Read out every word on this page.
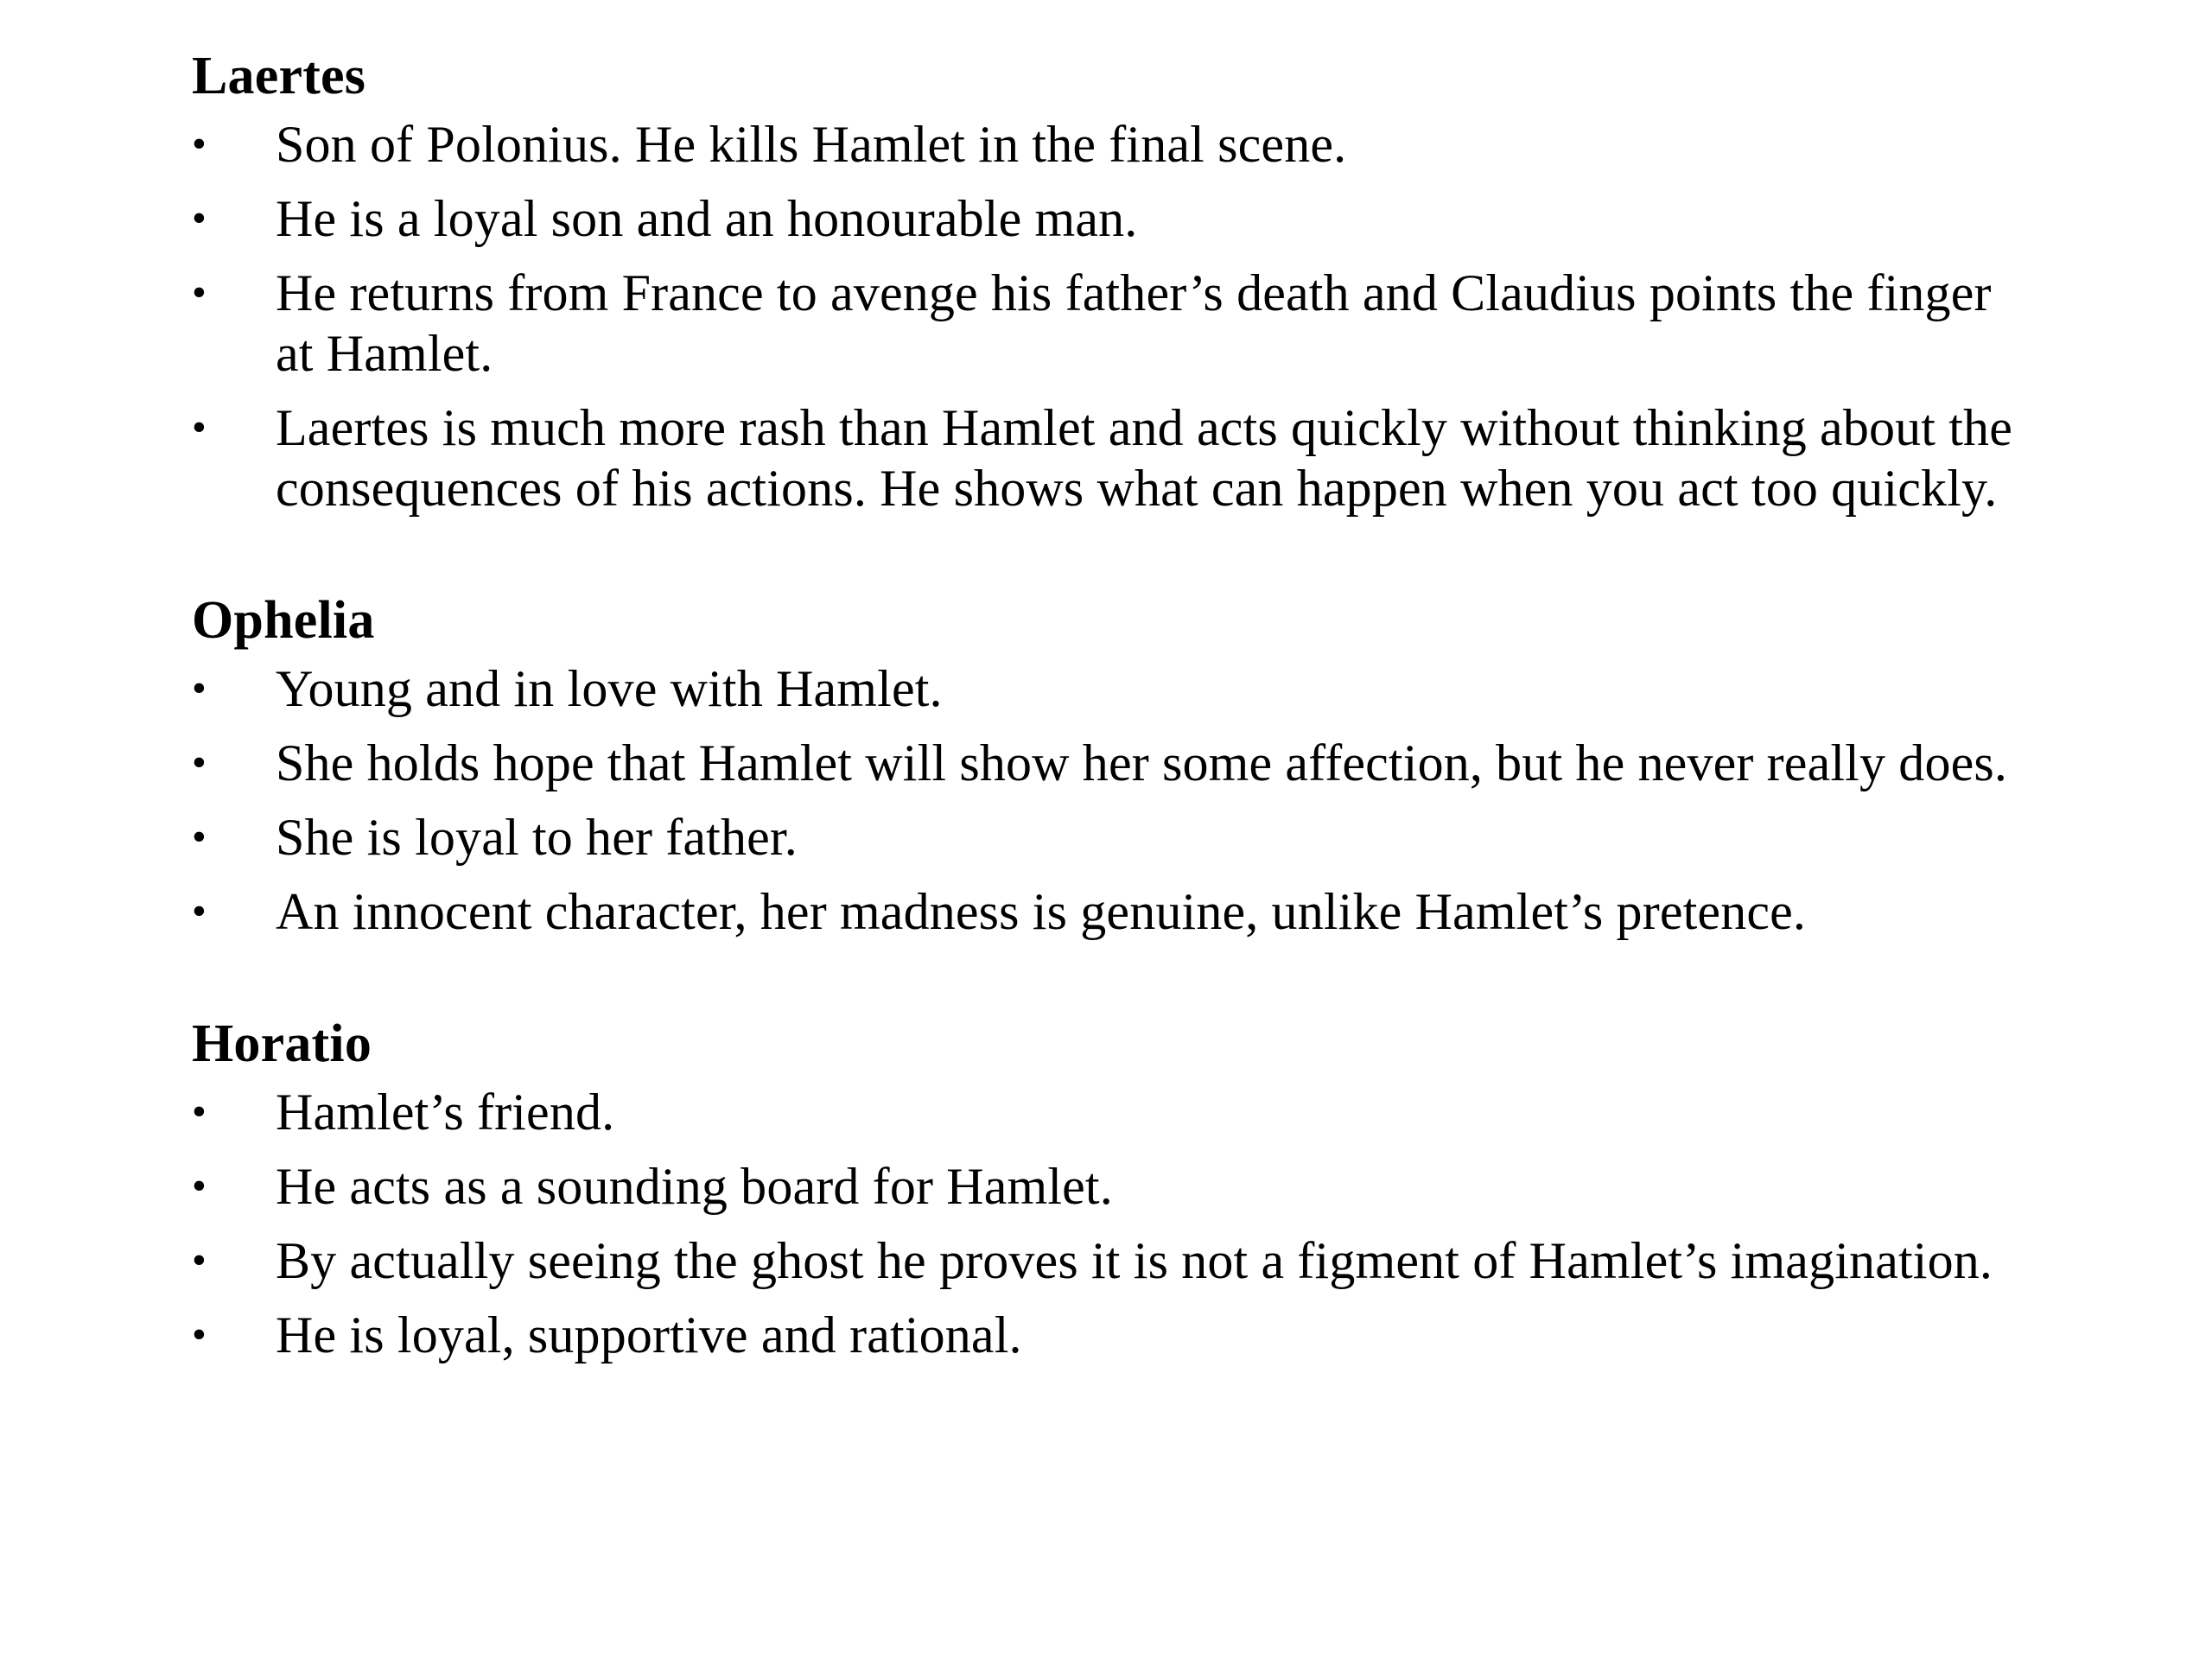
Laertes
• Son of Polonius. He kills Hamlet in the final scene.
• He is a loyal son and an honourable man.
• He returns from France to avenge his father’s death and Claudius points the finger at Hamlet.
• Laertes is much more rash than Hamlet and acts quickly without thinking about the consequences of his actions. He shows what can happen when you act too quickly.
Ophelia
• Young and in love with Hamlet.
• She holds hope that Hamlet will show her some affection, but he never really does.
• She is loyal to her father.
• An innocent character, her madness is genuine, unlike Hamlet’s pretence.
Horatio
• Hamlet’s friend.
• He acts as a sounding board for Hamlet.
• By actually seeing the ghost he proves it is not a figment of Hamlet’s imagination.
• He is loyal, supportive and rational.
